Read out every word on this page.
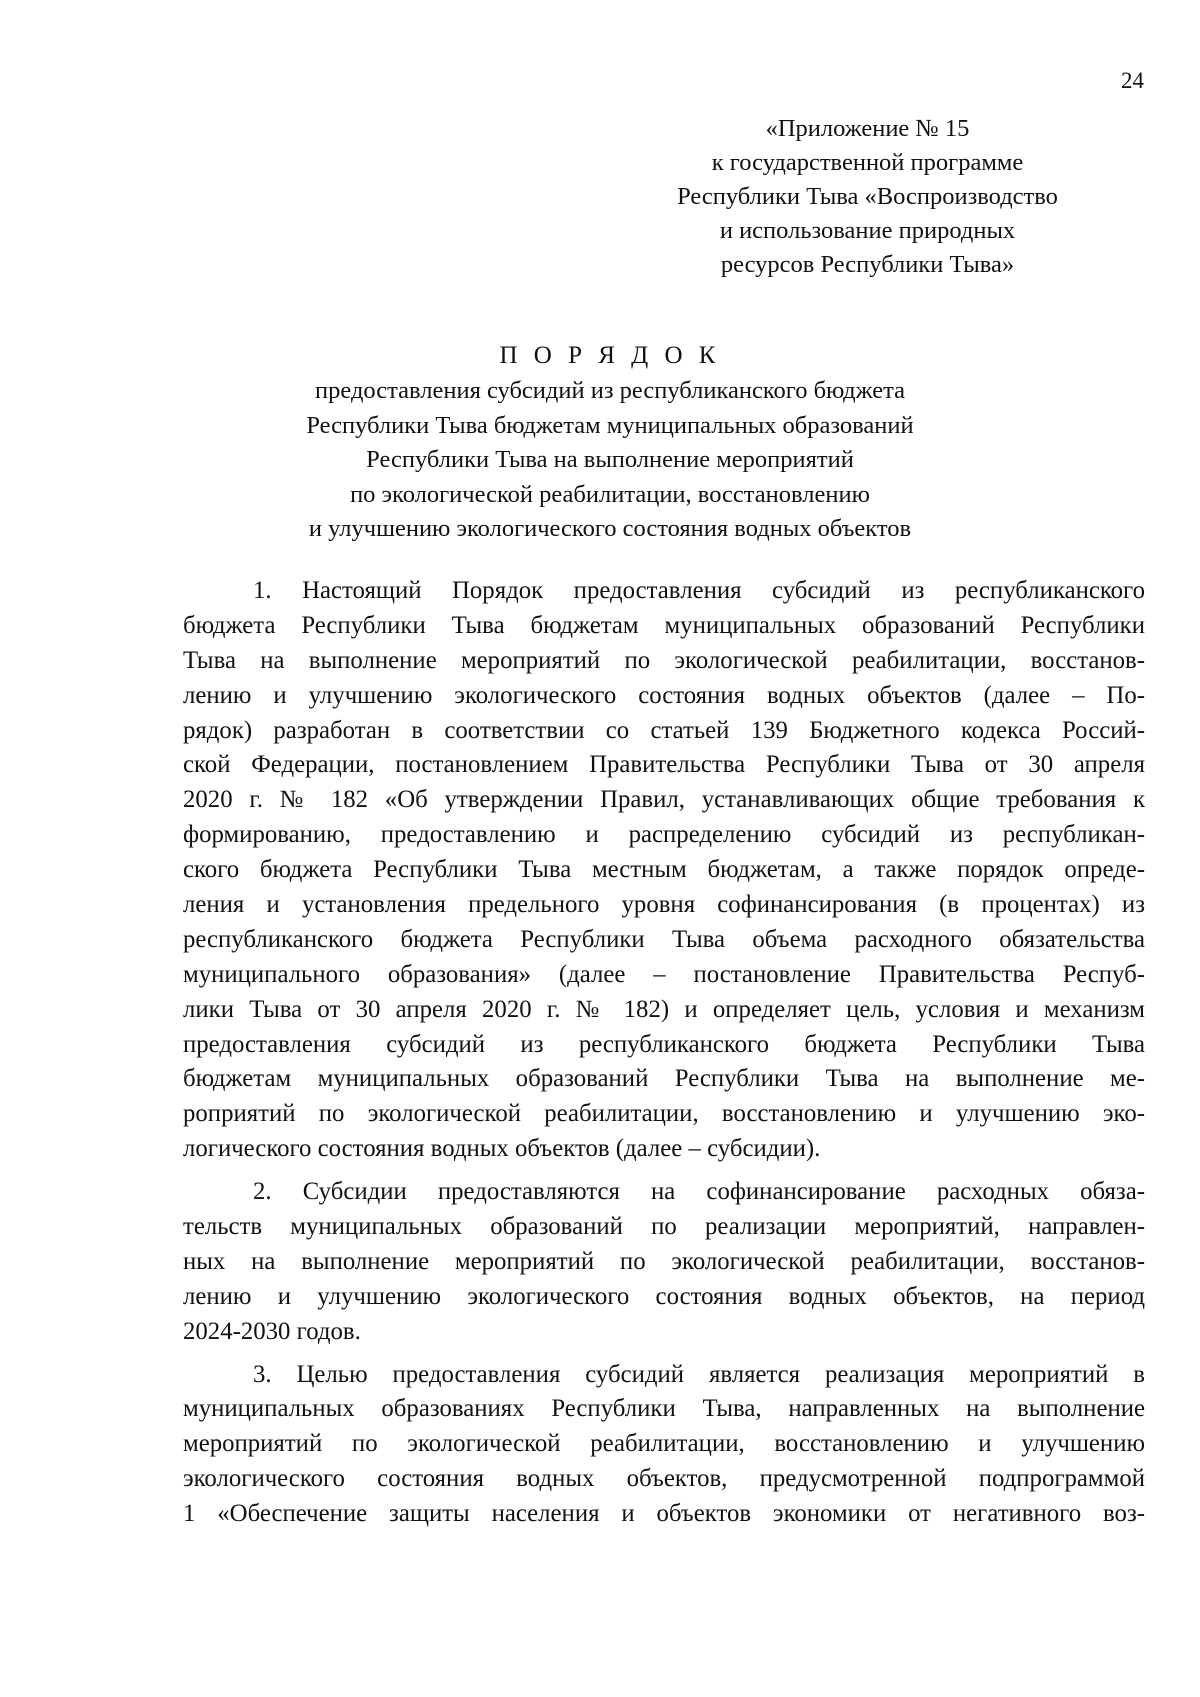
24
«Приложение № 15
к государственной программе
Республики Тыва «Воспроизводство
и использование природных
ресурсов Республики Тыва»
П О Р Я Д О К
предоставления субсидий из республиканского бюджета
Республики Тыва бюджетам муниципальных образований
Республики Тыва на выполнение мероприятий
по экологической реабилитации, восстановлению
и улучшению экологического состояния водных объектов
1. Настоящий Порядок предоставления субсидий из республиканского
бюджета Республики Тыва бюджетам муниципальных образований Республики
Тыва на выполнение мероприятий по экологической реабилитации, восстанов-
лению и улучшению экологического состояния водных объектов (далее – По-
рядок) разработан в соответствии со статьей 139 Бюджетного кодекса Россий-
ской Федерации, постановлением Правительства Республики Тыва от 30 апреля
2020 г. № 182 «Об утверждении Правил, устанавливающих общие требования к
формированию, предоставлению и распределению субсидий из республикан-
ского бюджета Республики Тыва местным бюджетам, а также порядок опреде-
ления и установления предельного уровня софинансирования (в процентах) из
республиканского бюджета Республики Тыва объема расходного обязательства
муниципального образования» (далее – постановление Правительства Респуб-
лики Тыва от 30 апреля 2020 г. № 182) и определяет цель, условия и механизм
предоставления субсидий из республиканского бюджета Республики Тыва
бюджетам муниципальных образований Республики Тыва на выполнение ме-
роприятий по экологической реабилитации, восстановлению и улучшению эко-
логического состояния водных объектов (далее – субсидии).
2. Субсидии предоставляются на софинансирование расходных обяза-
тельств муниципальных образований по реализации мероприятий, направлен-
ных на выполнение мероприятий по экологической реабилитации, восстанов-
лению и улучшению экологического состояния водных объектов, на период
2024-2030 годов.
3. Целью предоставления субсидий является реализация мероприятий в
муниципальных образованиях Республики Тыва, направленных на выполнение
мероприятий по экологической реабилитации, восстановлению и улучшению
экологического состояния водных объектов, предусмотренной подпрограммой
1 «Обеспечение защиты населения и объектов экономики от негативного воз-
